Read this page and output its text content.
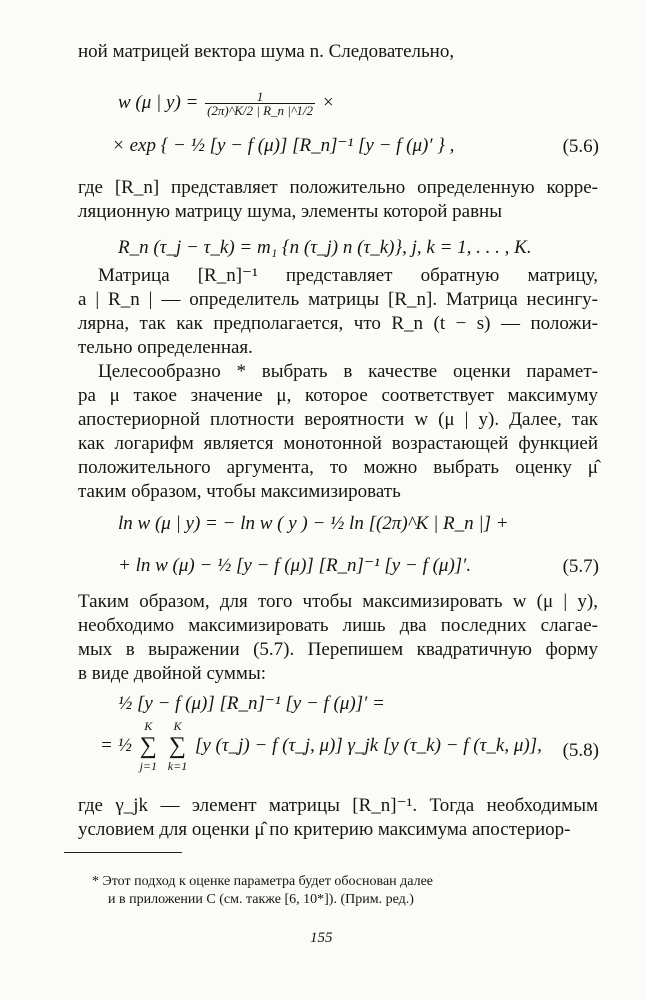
ной матрицей вектора шума n. Следовательно,
w (μ | $y) = \frac{1}{(2\pi)\^{}K/2 | R\_n |\^{}1/2}$ ×
× exp { − ½ [y − f (μ)] [R_n]⁻¹ [y − f (μ)′ } ,	(5.6)
где [R_n] представляет положительно определенную корре-
ляционную матрицу шума, элементы которой равны
R_n (τ_j − τ_k) = m₁ {n (τ_j) n (τ_k)}, j, k = 1, . . . , K.
Матрица [R_n]⁻¹ представляет обратную матрицу,
а | R_n | — определитель матрицы [R_n]. Матрица несингу-
лярна, так как предполагается, что R_n (t − s) — положи-
тельно определенная.
Целесообразно * выбрать в качестве оценки парамет-
ра μ такое значение μ, которое соответствует максимуму
апостериорной плотности вероятности w (μ | y). Далее, так
как логарифм является монотонной возрастающей функцией
положительного аргумента, то можно выбрать оценку μ̂
таким образом, чтобы максимизировать
ln w (μ | y) = − ln w ( y ) − ½ ln [(2π)^K | R_n |] +
+ ln w (μ) − ½ [y − f (μ)] [R_n]⁻¹ [y − f (μ)]′.	(5.7)
Таким образом, для того чтобы максимизировать w (μ | y),
необходимо максимизировать лишь два последних слагае-
мых в выражении (5.7). Перепишем квадратичную форму
в виде двойной суммы:
½ [y − f (μ)] [R_n]⁻¹ [y − f (μ)]′ =
= ½ K
∑
j=1 K
∑
k=1 [y (τ_j) − f (τ_j, μ)] γ_jk [y (τ_k) − f (τ_k, μ)], (5.8)
где γ_jk — элемент матрицы [R_n]⁻¹. Тогда необходимым
условием для оценки μ̂ по критерию максимума апостериор-
* Этот подход к оценке параметра будет обоснован далее
и в приложении C (см. также [6, 10*]). (Прим. ред.)
155
